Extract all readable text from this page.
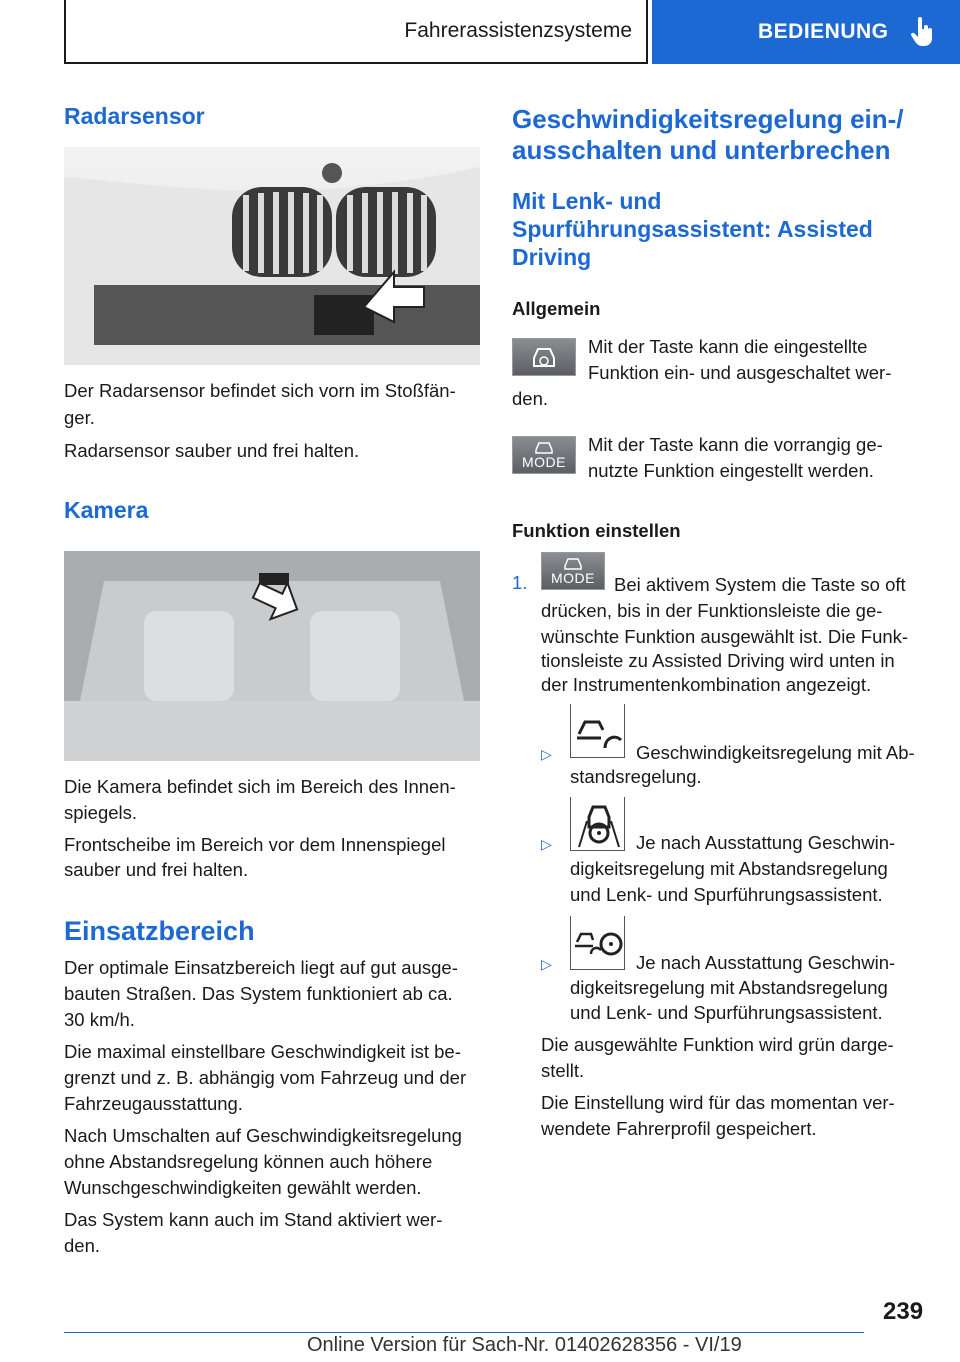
Fahrerassistenzsysteme	BEDIENUNG
Radarsensor

Der Radarsensor befindet sich vorn im Stoßfän‐

ger.

Radarsensor sauber und frei halten.

Kamera

Die Kamera befindet sich im Bereich des Innen‐

spiegels.

Frontscheibe im Bereich vor dem Innenspiegel

sauber und frei halten.

Einsatzbereich

Der optimale Einsatzbereich liegt auf gut ausge‐

bauten Straßen. Das System funktioniert ab ca.

30 km/h.

Die maximal einstellbare Geschwindigkeit ist be‐

grenzt und z. B. abhängig vom Fahrzeug und der

Fahrzeugausstattung.

Nach Umschalten auf Geschwindigkeitsregelung

ohne Abstandsregelung können auch höhere

Wunschgeschwindigkeiten gewählt werden.

Das System kann auch im Stand aktiviert wer‐

den.

Geschwindigkeitsregelung ein-/
ausschalten und unterbrechen
Mit Lenk- und
Spurführungsassistent: Assisted
Driving

Allgemein

Mit der Taste kann die eingestellte

Funktion ein- und ausgeschaltet wer‐

den.

MODE

Mit der Taste kann die vorrangig ge‐

nutzte Funktion eingestellt werden.

Funktion einstellen

1. MODE Bei aktivem System die Taste so oft

drücken, bis in der Funktionsleiste die ge‐

wünschte Funktion ausgewählt ist. Die Funk‐

tionsleiste zu Assisted Driving wird unten in

der Instrumentenkombination angezeigt.

▷	Geschwindigkeitsregelung mit Ab‐

standsregelung.

▷	Je nach Ausstattung Geschwin‐

digkeitsregelung mit Abstandsregelung

und Lenk- und Spurführungsassistent.

▷	Je nach Ausstattung Geschwin‐

digkeitsregelung mit Abstandsregelung

und Lenk- und Spurführungsassistent.

Die ausgewählte Funktion wird grün darge‐

stellt.

Die Einstellung wird für das momentan ver‐

wendete Fahrerprofil gespeichert.

239
Online Version für Sach-Nr. 01402628356 - VI/19
